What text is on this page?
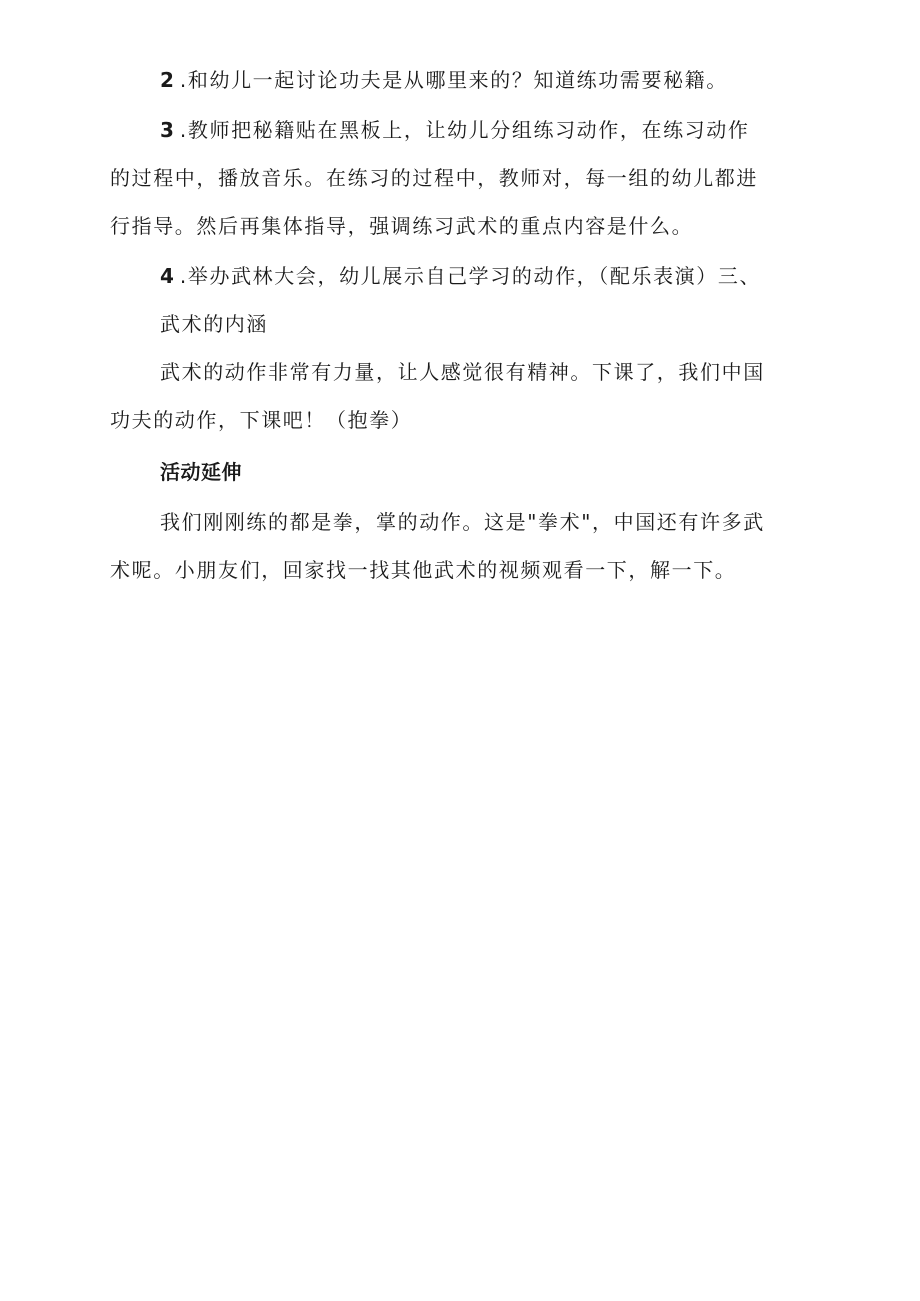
2 .和幼儿一起讨论功夫是从哪里来的？知道练功需要秘籍。
3 .教师把秘籍贴在黑板上，让幼儿分组练习动作，在练习动作
的过程中，播放音乐。在练习的过程中，教师对，每一组的幼儿都进
行指导。然后再集体指导，强调练习武术的重点内容是什么。
4 .举办武林大会，幼儿展示自己学习的动作，（配乐表演）三、
武术的内涵
武术的动作非常有力量，让人感觉很有精神。下课了，我们中国
功夫的动作，下课吧！（抱拳）
活动延伸
我们刚刚练的都是拳，掌的动作。这是"拳术"，中国还有许多武
术呢。小朋友们，回家找一找其他武术的视频观看一下，解一下。
